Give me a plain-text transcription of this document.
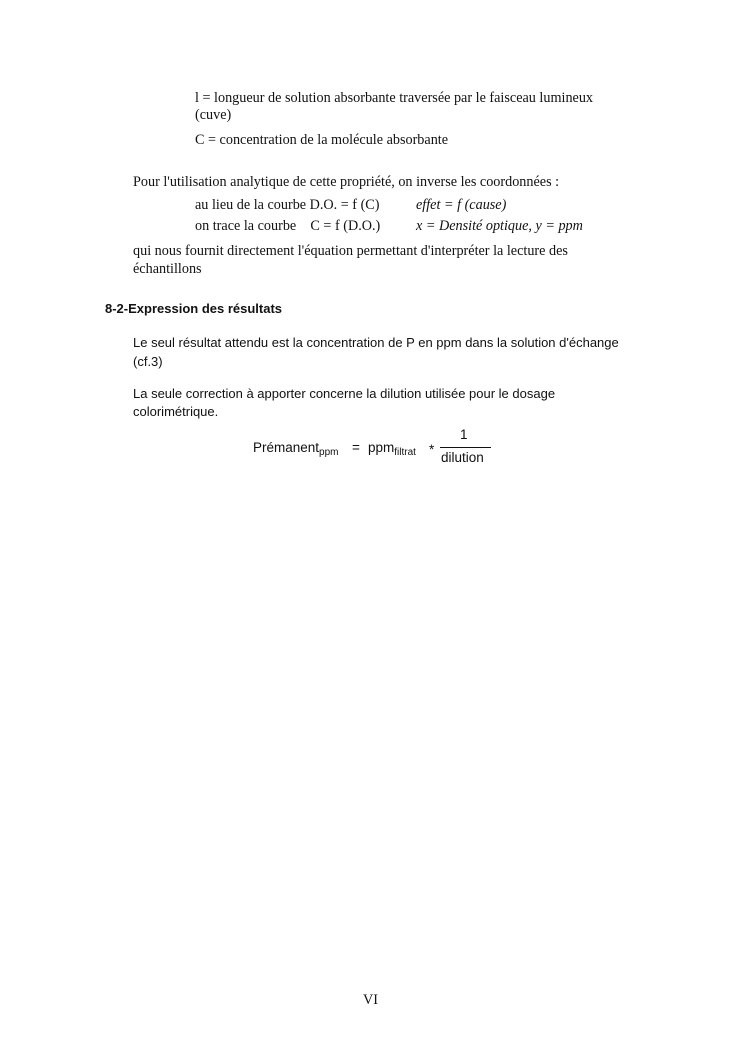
l = longueur de solution absorbante traversée par le faisceau lumineux
(cuve)
C = concentration de la molécule absorbante
Pour l'utilisation analytique de cette propriété, on inverse les coordonnées :
au lieu de la courbe D.O. = f (C)	effet = f (cause)
on trace la courbe    C = f (D.O.)	x = Densité optique, y = ppm
qui nous fournit directement l'équation permettant d'interpréter la lecture des
échantillons
8-2-Expression des résultats
Le seul résultat attendu est la concentration de P en ppm dans la solution d'échange
(cf.3)
La seule correction à apporter concerne la dilution utilisée pour le dosage
colorimétrique.
Prémanent$_{ppm}$ = ppm$_{filtrat}$ *
1
dilution
VI
